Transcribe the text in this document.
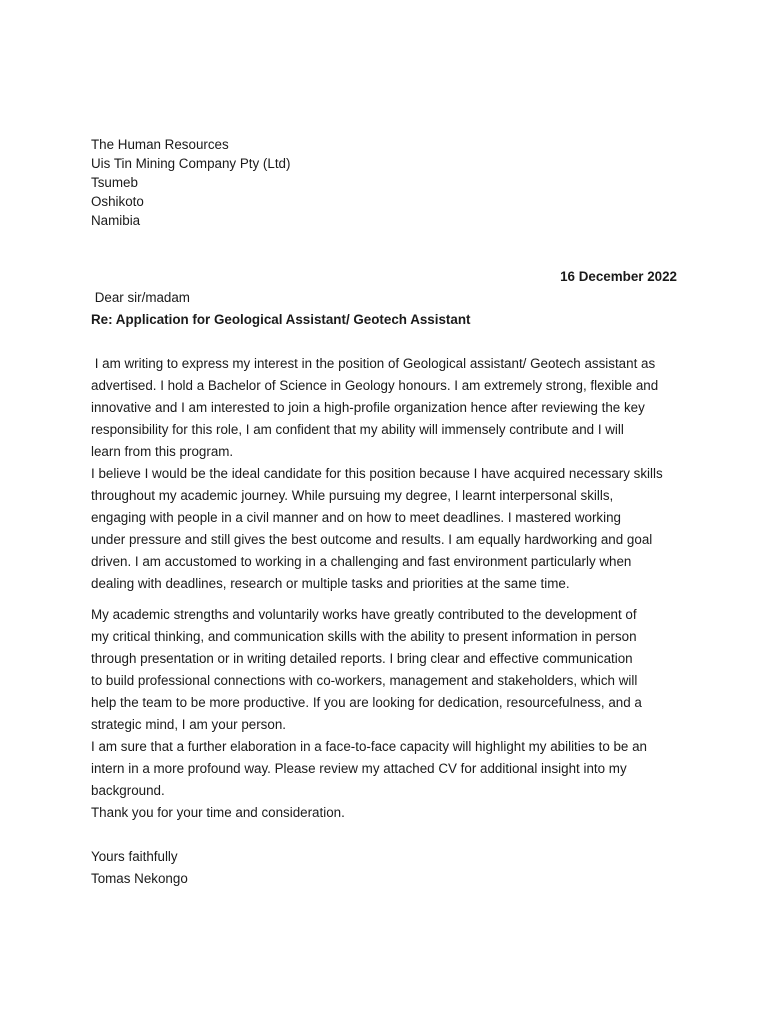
The Human Resources
Uis Tin Mining Company Pty (Ltd)
Tsumeb
Oshikoto
Namibia
16 December 2022
Dear sir/madam
Re: Application for Geological Assistant/ Geotech Assistant
I am writing to express my interest in the position of Geological assistant/ Geotech assistant as
advertised. I hold a Bachelor of Science in Geology honours. I am extremely strong, flexible and
innovative and I am interested to join a high-profile organization hence after reviewing the key
responsibility for this role, I am confident that my ability will immensely contribute and I will
learn from this program.
I believe I would be the ideal candidate for this position because I have acquired necessary skills
throughout my academic journey. While pursuing my degree, I learnt interpersonal skills,
engaging with people in a civil manner and on how to meet deadlines. I mastered working
under pressure and still gives the best outcome and results. I am equally hardworking and goal
driven. I am accustomed to working in a challenging and fast environment particularly when
dealing with deadlines, research or multiple tasks and priorities at the same time.
My academic strengths and voluntarily works have greatly contributed to the development of
my critical thinking, and communication skills with the ability to present information in person
through presentation or in writing detailed reports. I bring clear and effective communication
to build professional connections with co-workers, management and stakeholders, which will
help the team to be more productive. If you are looking for dedication, resourcefulness, and a
strategic mind, I am your person.
I am sure that a further elaboration in a face-to-face capacity will highlight my abilities to be an
intern in a more profound way. Please review my attached CV for additional insight into my
background.
Thank you for your time and consideration.
Yours faithfully
Tomas Nekongo
